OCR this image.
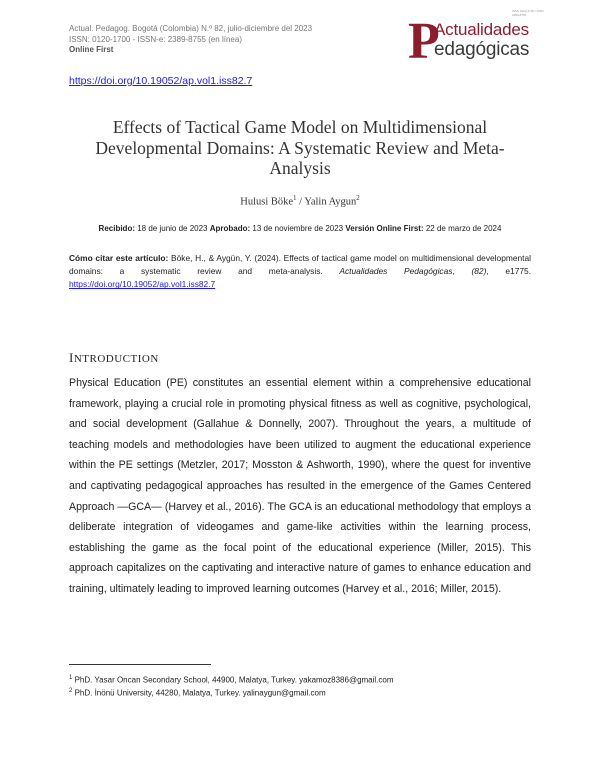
Actual. Pedagog. Bogotá (Colombia) N.º 82, julio-diciembre del 2023
ISSN: 0120-1700 - ISSN-e: 2389-8755 (en línea)
Online First
ISSN 0120-1700 / ISSN 2389-8755
P
Actualidades
edagógicas
https://doi.org/10.19052/ap.vol1.iss82.7
Effects of Tactical Game Model on Multidimensional Developmental Domains: A Systematic Review and Meta-Analysis
Hulusi Böke$^1$ / Yalin Aygun$^2$
Recibido: 18 de junio de 2023 Aprobado: 13 de noviembre de 2023 Versión Online First: 22 de marzo de 2024
Cómo citar este artículo: Böke, H., & Aygün, Y. (2024). Effects of tactical game model on multidimensional developmental domains: a systematic review and meta-analysis. Actualidades Pedagógicas, (82), e1775. https://doi.org/10.19052/ap.vol1.iss82.7
INTRODUCTION
Physical Education (PE) constitutes an essential element within a comprehensive educational framework, playing a crucial role in promoting physical fitness as well as cognitive, psychological, and social development (Gallahue & Donnelly, 2007). Throughout the years, a multitude of teaching models and methodologies have been utilized to augment the educational experience within the PE settings (Metzler, 2017; Mosston & Ashworth, 1990), where the quest for inventive and captivating pedagogical approaches has resulted in the emergence of the Games Centered Approach —GCA— (Harvey et al., 2016). The GCA is an educational methodology that employs a deliberate integration of videogames and game-like activities within the learning process, establishing the game as the focal point of the educational experience (Miller, 2015). This approach capitalizes on the captivating and interactive nature of games to enhance education and training, ultimately leading to improved learning outcomes (Harvey et al., 2016; Miller, 2015).
$^1$ PhD. Yasar Oncan Secondary School, 44900, Malatya, Turkey. yakamoz8386@gmail.com
$^2$ PhD. İnönü University, 44280, Malatya, Turkey. yalinaygun@gmail.com
